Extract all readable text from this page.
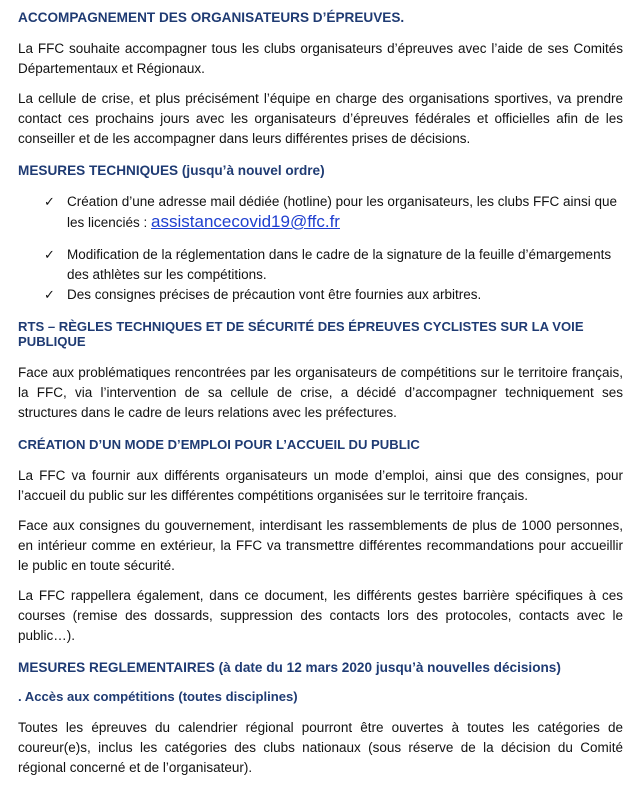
ACCOMPAGNEMENT DES ORGANISATEURS D’ÉPREUVES.

La FFC souhaite accompagner tous les clubs organisateurs d’épreuves avec l’aide de ses Comités Départementaux et Régionaux.

La cellule de crise, et plus précisément l’équipe en charge des organisations sportives, va prendre contact ces prochains jours avec les organisateurs d’épreuves fédérales et officielles afin de les conseiller et de les accompagner dans leurs différentes prises de décisions.

MESURES TECHNIQUES (jusqu’à nouvel ordre)
✓ Création d’une adresse mail dédiée (hotline) pour les organisateurs, les clubs FFC ainsi que les licenciés : assistancecovid19@ffc.fr
✓ Modification de la réglementation dans le cadre de la signature de la feuille d’émargements des athlètes sur les compétitions.
✓ Des consignes précises de précaution vont être fournies aux arbitres.
RTS – RÈGLES TECHNIQUES ET DE SÉCURITÉ DES ÉPREUVES CYCLISTES SUR LA VOIE PUBLIQUE

Face aux problématiques rencontrées par les organisateurs de compétitions sur le territoire français, la FFC, via l’intervention de sa cellule de crise, a décidé d’accompagner techniquement ses structures dans le cadre de leurs relations avec les préfectures.

CRÉATION D’UN MODE D’EMPLOI POUR L’ACCUEIL DU PUBLIC

La FFC va fournir aux différents organisateurs un mode d’emploi, ainsi que des consignes, pour l’accueil du public sur les différentes compétitions organisées sur le territoire français.

Face aux consignes du gouvernement, interdisant les rassemblements de plus de 1000 personnes, en intérieur comme en extérieur, la FFC va transmettre différentes recommandations pour accueillir le public en toute sécurité.

La FFC rappellera également, dans ce document, les différents gestes barrière spécifiques à ces courses (remise des dossards, suppression des contacts lors des protocoles, contacts avec le public…).

MESURES REGLEMENTAIRES (à date du 12 mars 2020 jusqu’à nouvelles décisions)
. Accès aux compétitions (toutes disciplines)

Toutes les épreuves du calendrier régional pourront être ouvertes à toutes les catégories de coureur(e)s, inclus les catégories des clubs nationaux (sous réserve de la décision du Comité régional concerné et de l’organisateur).
